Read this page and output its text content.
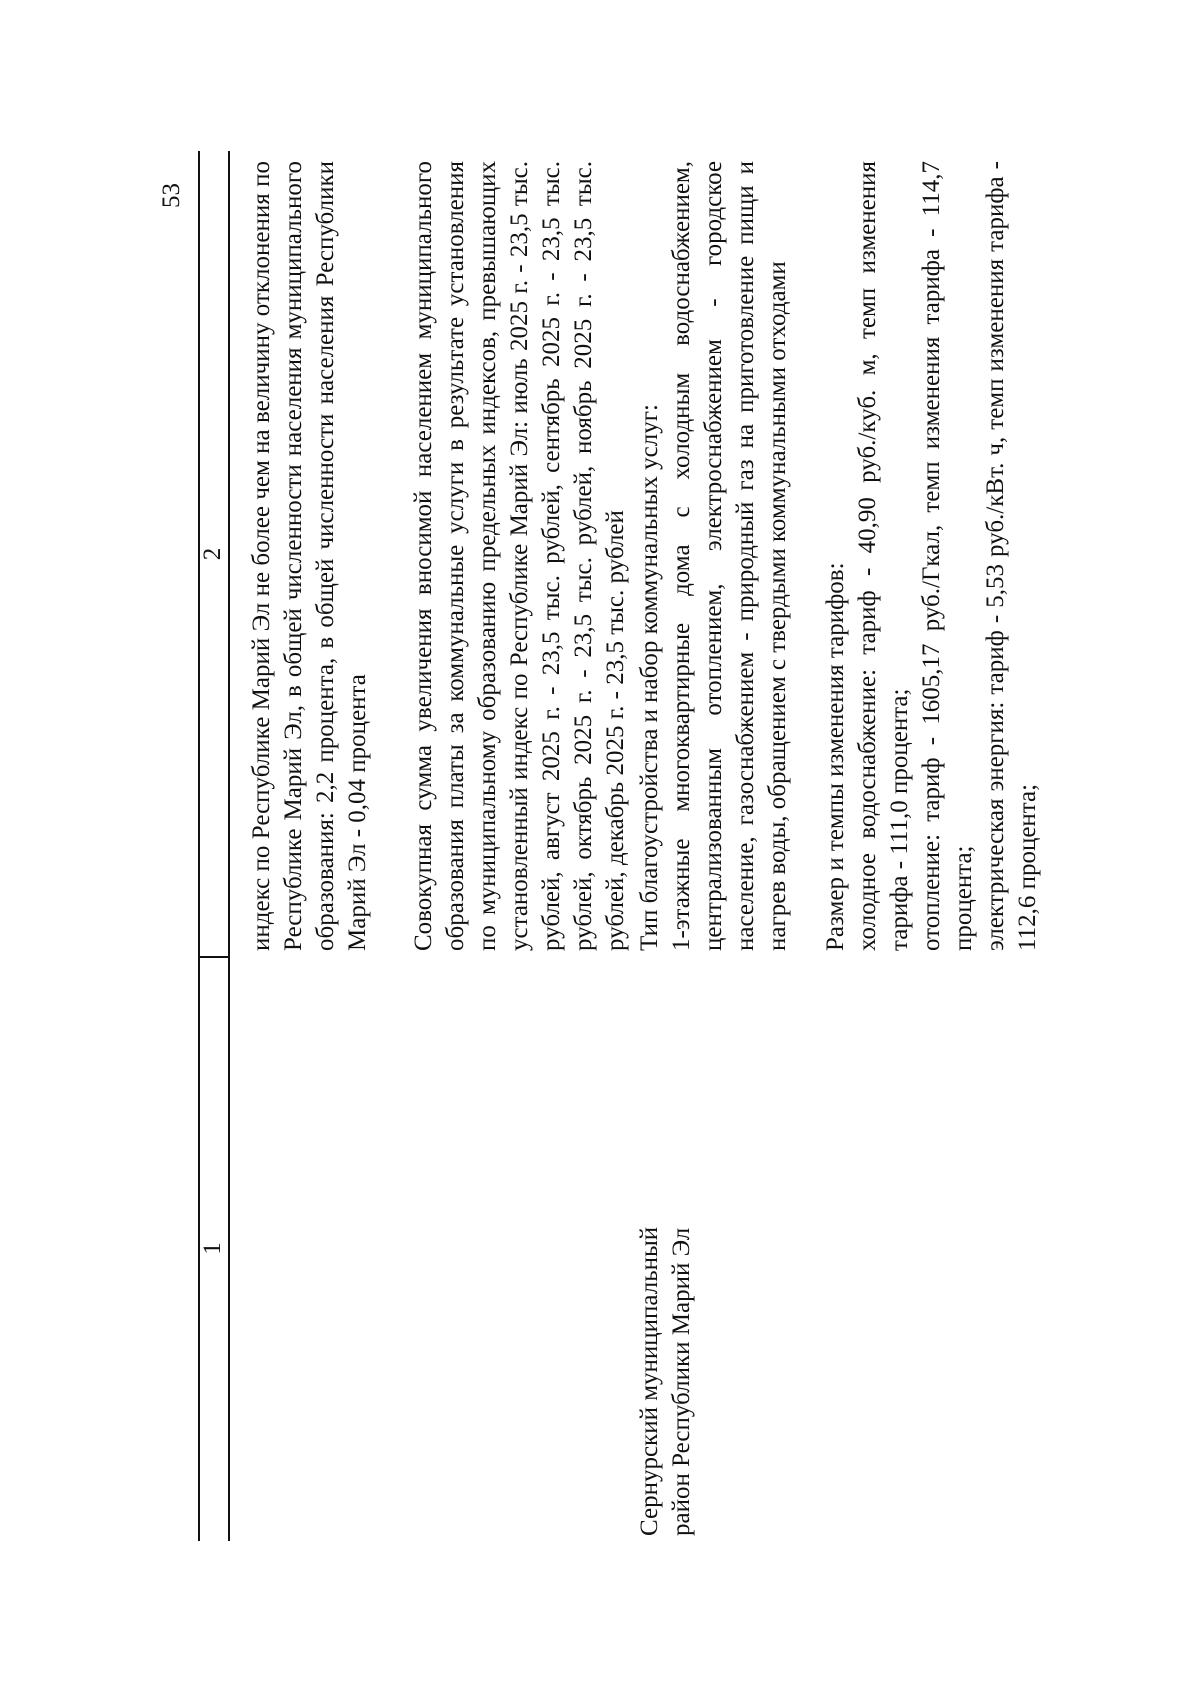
53
1
2 индекс по Республике Марий Эл не более чем на величину отклонения по Республике Марий Эл, в общей численности населения муниципального образования: 2,2 процента, в общей численности населения Республики Марий Эл - 0,04 процента Совокупная сумма увеличения вносимой населением муниципального образования платы за коммунальные услуги в результате установления по муниципальному образованию предельных индексов, превышающих установленный индекс по Республике Марий Эл: июль 2025 г. - 23,5 тыс. рублей, август 2025 г. - 23,5 тыс. рублей, сентябрь 2025 г. - 23,5 тыс. рублей, октябрь 2025 г. - 23,5 тыс. рублей, ноябрь 2025 г. - 23,5 тыс. рублей, декабрь 2025 г. - 23,5 тыс. рублей Тип благоустройства и набор коммунальных услуг: 1-этажные многоквартирные дома с холодным водоснабжением, централизованным отоплением, электроснабжением - городское население, газоснабжением - природный газ на приготовление пищи и нагрев воды, обращением с твердыми коммунальными отходами Размер и темпы изменения тарифов: холодное водоснабжение: тариф - 40,90 руб./куб. м, темп изменения тарифа - 111,0 процента; отопление: тариф - 1605,17 руб./Гкал, темп изменения тарифа - 114,7 процента; электрическая энергия: тариф - 5,53 руб./кВт. ч, темп изменения тарифа - 112,6 процента;

Сернурский муниципальный район Республики Марий Эл
